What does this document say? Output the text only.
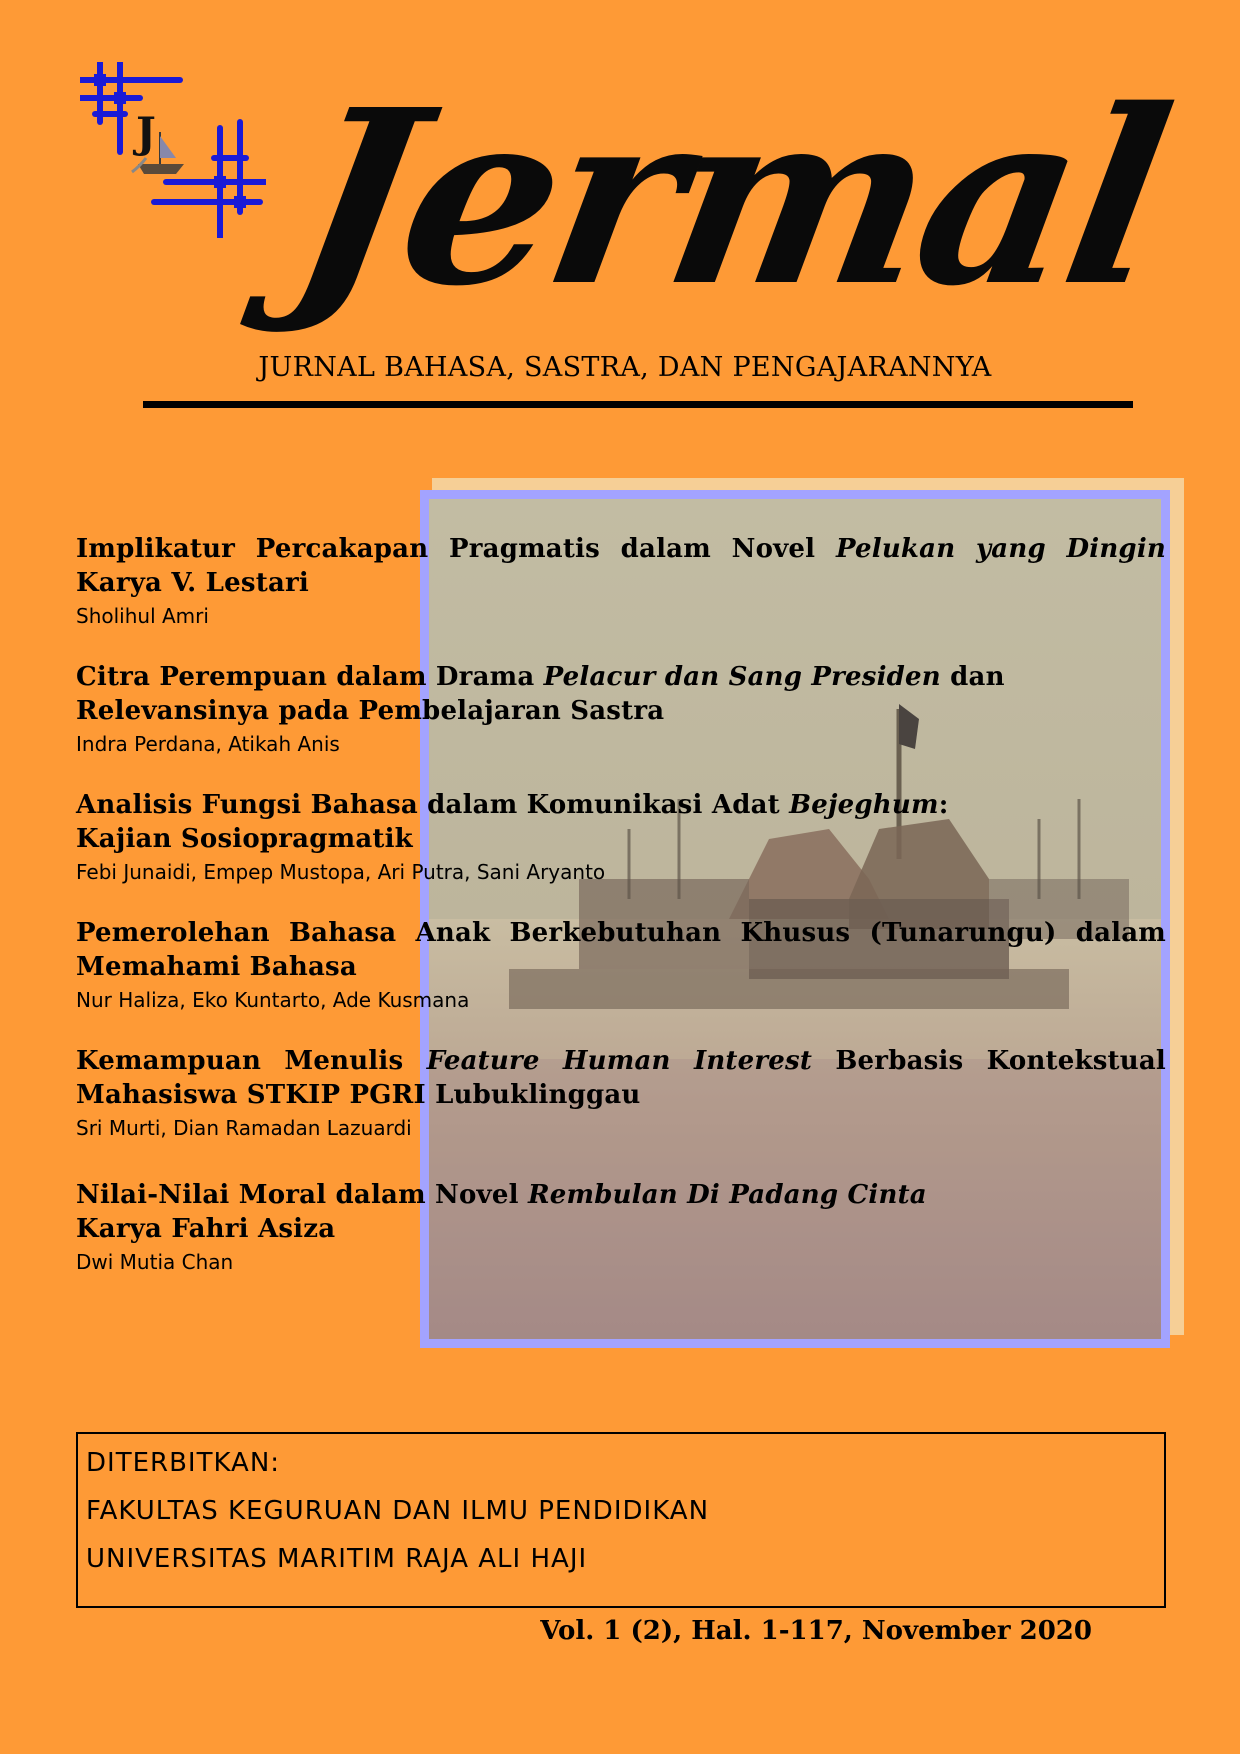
J Jermal
JURNAL BAHASA, SASTRA, DAN PENGAJARANNYA
Implikatur Percakapan Pragmatis dalam Novel Pelukan yang Dingin
Karya V. Lestari
Sholihul Amri
Citra Perempuan dalam Drama Pelacur dan Sang Presiden dan
Relevansinya pada Pembelajaran Sastra
Indra Perdana, Atikah Anis
Analisis Fungsi Bahasa dalam Komunikasi Adat Bejeghum:
Kajian Sosiopragmatik
Febi Junaidi, Empep Mustopa, Ari Putra, Sani Aryanto
Pemerolehan Bahasa Anak Berkebutuhan Khusus (Tunarungu) dalam
Memahami Bahasa
Nur Haliza, Eko Kuntarto, Ade Kusmana
Kemampuan Menulis Feature Human Interest Berbasis Kontekstual
Mahasiswa STKIP PGRI Lubuklinggau
Sri Murti, Dian Ramadan Lazuardi
Nilai-Nilai Moral dalam Novel Rembulan Di Padang Cinta
Karya Fahri Asiza
Dwi Mutia Chan
DITERBITKAN:
FAKULTAS KEGURUAN DAN ILMU PENDIDIKAN
UNIVERSITAS MARITIM RAJA ALI HAJI
Vol. 1 (2), Hal. 1-117, November 2020
